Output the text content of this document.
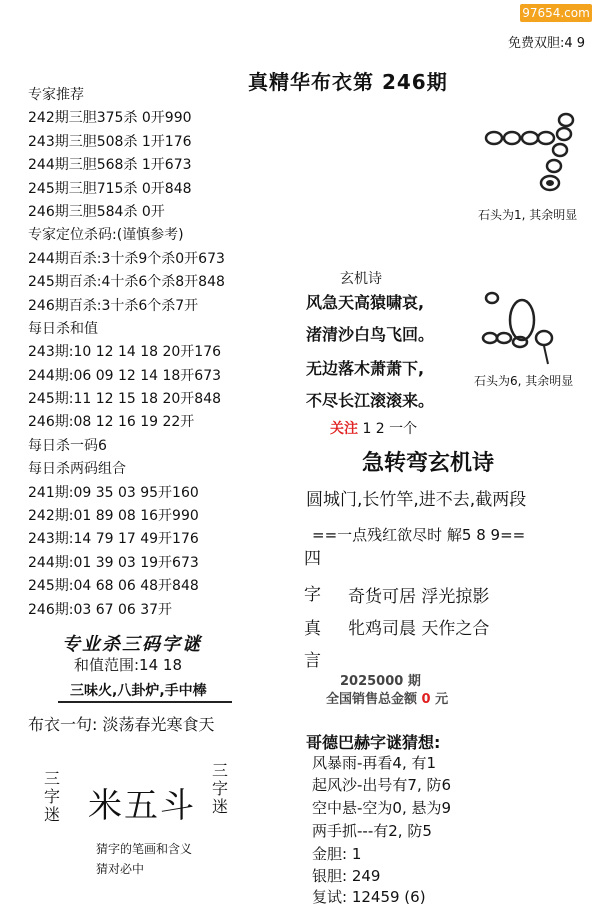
97654.com
免费双胆:4 9
真精华布衣第 246期
专家推荐
242期三胆375杀 0开990
243期三胆508杀 1开176
244期三胆568杀 1开673
245期三胆715杀 0开848
246期三胆584杀 0开
专家定位杀码:(谨慎参考)
244期百杀:3十杀9个杀0开673
245期百杀:4十杀6个杀8开848
246期百杀:3十杀6个杀7开
每日杀和值
243期:10 12 14 18 20开176
244期:06 09 12 14 18开673
245期:11 12 15 18 20开848
246期:08 12 16 19 22开
每日杀一码6
每日杀两码组合
241期:09 35 03 95开160
242期:01 89 08 16开990
243期:14 79 17 49开176
244期:01 39 03 19开673
245期:04 68 06 48开848
246期:03 67 06 37开
专业杀三码字谜
和值范围:14 18
三味火,八卦炉,手中棒
布衣一句: 淡荡春光寒食天
三
字
迷
三
字
迷
米五斗
猜字的笔画和含义
猜对必中
石头为1, 其余明显
石头为6, 其余明显
玄机诗
风急天高猿啸哀,
渚清沙白鸟飞回。
无边落木萧萧下,
不尽长江滚滚来。
关注 1 2 一个
急转弯玄机诗
圆城门,长竹竿,进不去,截两段
==一点残红欲尽时 解5 8 9==
四
字
真
言
奇货可居 浮光掠影
牝鸡司晨 天作之合
2025000 期
全国销售总金额 0 元
哥德巴赫字谜猜想:
风暴雨-再看4, 有1
起风沙-出号有7, 防6
空中悬-空为0, 悬为9
两手抓---有2, 防5
金胆: 1
银胆: 249
复试: 12459 (6)
